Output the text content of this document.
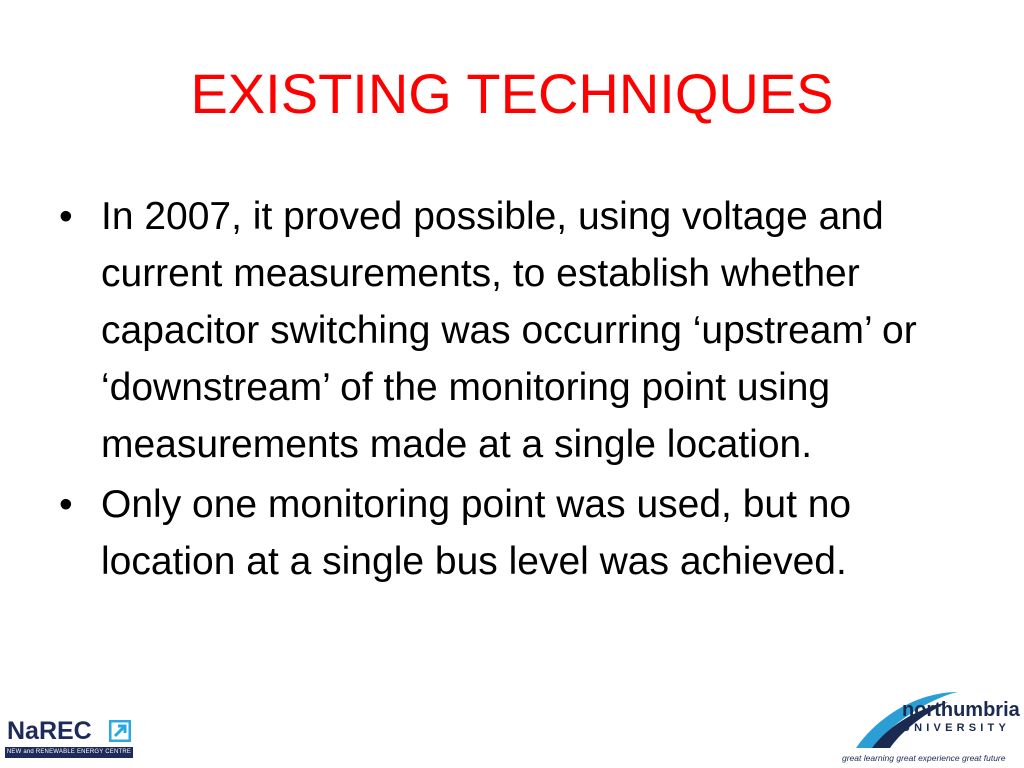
EXISTING TECHNIQUES
• In 2007, it proved possible, using voltage and current measurements, to establish whether capacitor switching was occurring ‘upstream’ or ‘downstream’ of the monitoring point using measurements made at a single location.
• Only one monitoring point was used, but no location at a single bus level was achieved.
NaREC
NEW and RENEWABLE ENERGY CENTRE
northumbria
UNIVERSITY
great learning great experience great future
